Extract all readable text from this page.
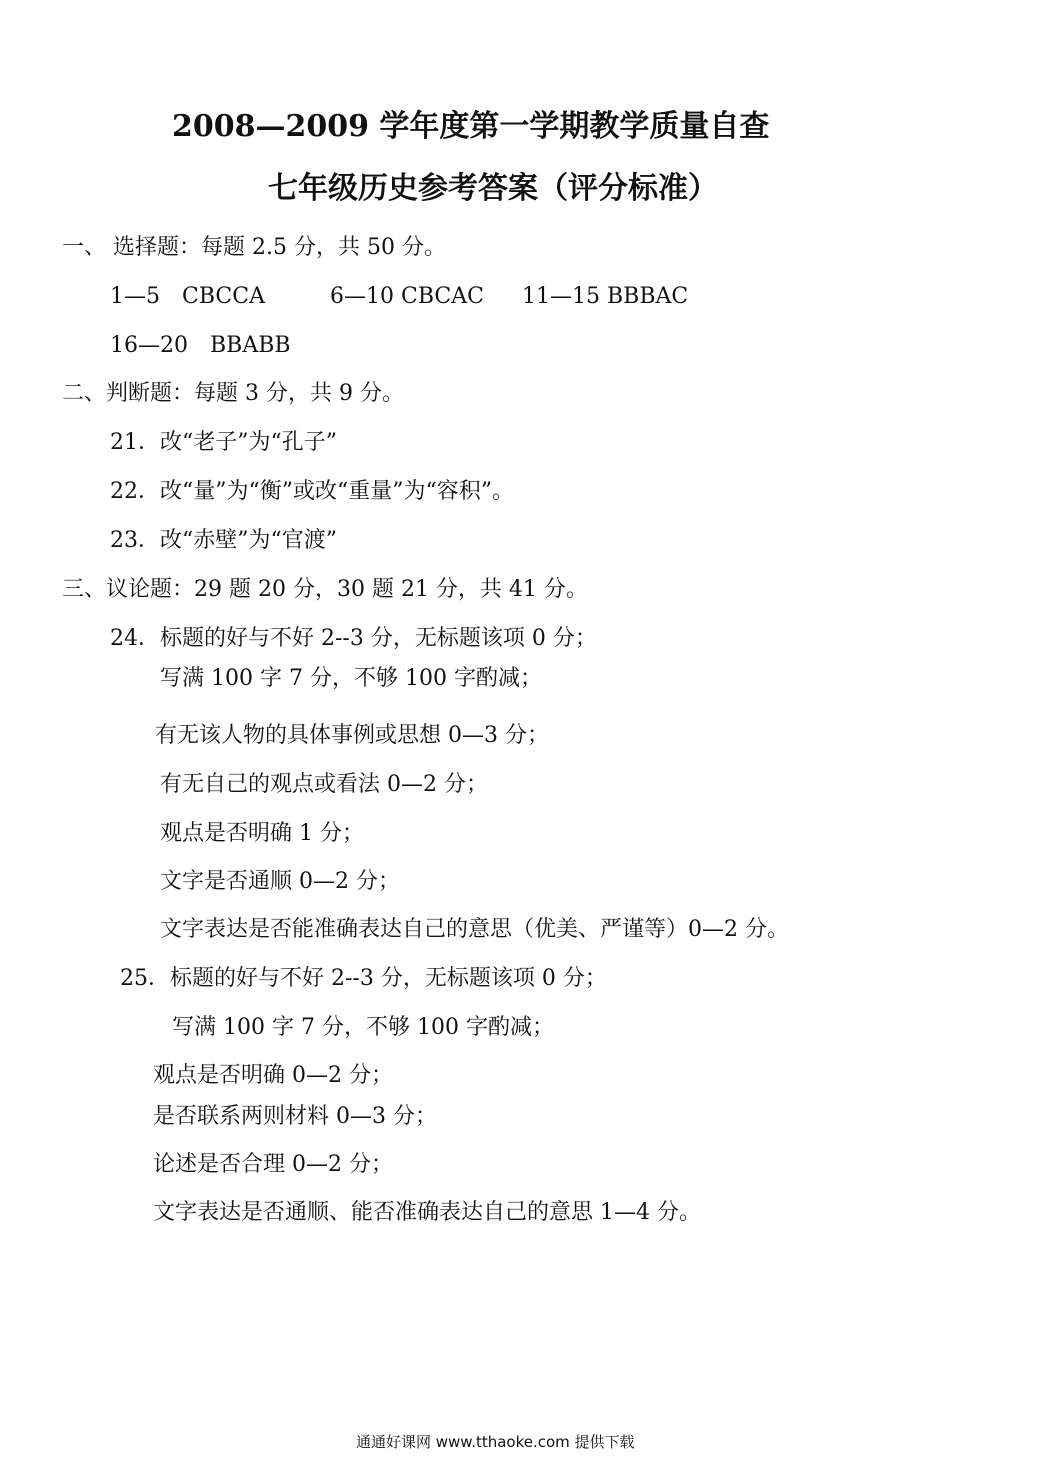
2008—2009 学年度第一学期教学质量自查
七年级历史参考答案（评分标准）
一、 选择题：每题 2.5 分，共 50 分。
1—5　CBCCA	6—10 CBCAC 11—15 BBBAC
16—20　BBABB
二、判断题：每题 3 分，共 9 分。
21．改“老子”为“孔子”
22．改“量”为“衡”或改“重量”为“容积”。
23．改“赤壁”为“官渡”
三、议论题：29 题 20 分，30 题 21 分，共 41 分。
24．标题的好与不好 2--3 分，无标题该项 0 分；
写满 100 字 7 分，不够 100 字酌减；
有无该人物的具体事例或思想 0—3 分；
有无自己的观点或看法 0—2 分；
观点是否明确 1 分；
文字是否通顺 0—2 分；
文字表达是否能准确表达自己的意思（优美、严谨等）0—2 分。
25．标题的好与不好 2--3 分，无标题该项 0 分；
写满 100 字 7 分，不够 100 字酌减；
观点是否明确 0—2 分；
是否联系两则材料 0—3 分；
论述是否合理 0—2 分；
文字表达是否通顺、能否准确表达自己的意思 1—4 分。
通通好课网 www.tthaoke.com 提供下载
